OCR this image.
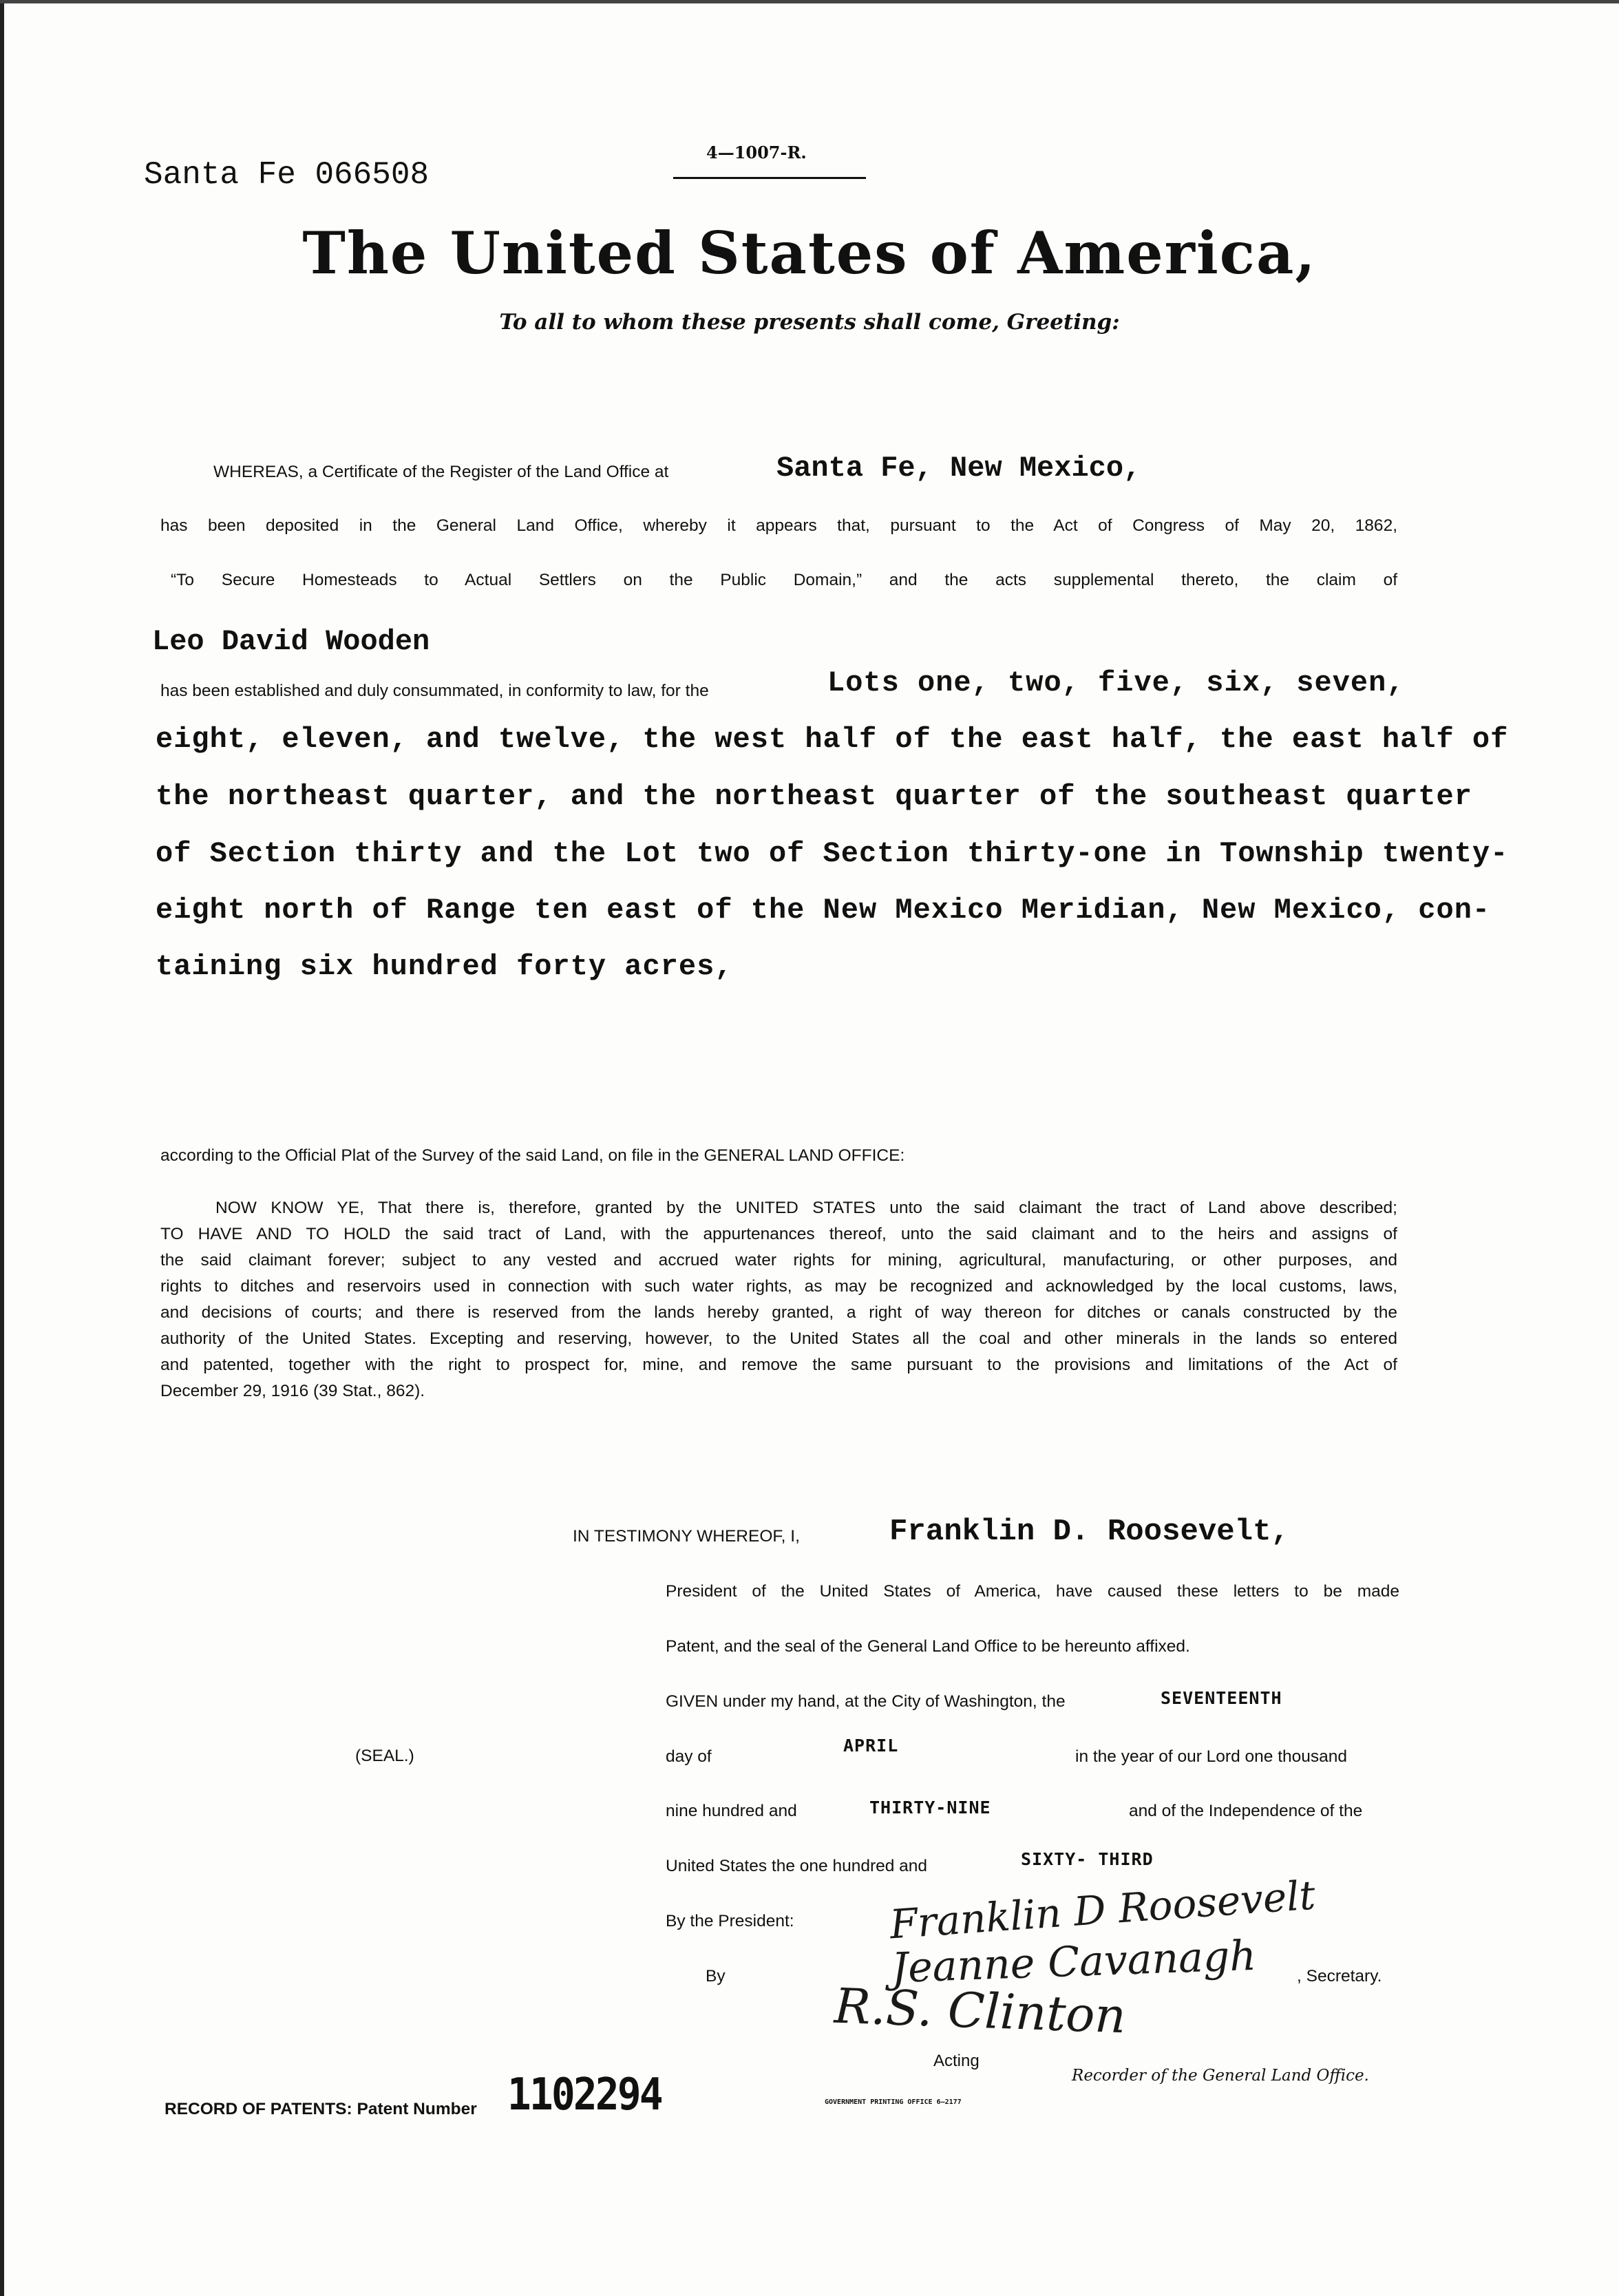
Santa Fe 066508
4—1007-R.
The United States of America,
To all to whom these presents shall come, Greeting:
WHEREAS, a Certificate of the Register of the Land Office at	Santa Fe, New Mexico,
has been deposited in the General Land Office, whereby it appears that, pursuant to the Act of Congress of May 20, 1862,
“To Secure Homesteads to Actual Settlers on the Public Domain,” and the acts supplemental thereto, the claim of
Leo David Wooden
has been established and duly consummated, in conformity to law, for the	Lots one, two, five, six, seven,
eight, eleven, and twelve, the west half of the east half, the east half of
the northeast quarter, and the northeast quarter of the southeast quarter
of Section thirty and the Lot two of Section thirty-one in Township twenty-
eight north of Range ten east of the New Mexico Meridian, New Mexico, con-
taining six hundred forty acres,
according to the Official Plat of the Survey of the said Land, on file in the GENERAL LAND OFFICE:
NOW KNOW YE, That there is, therefore, granted by the UNITED STATES unto the said claimant the tract of Land above described;
TO HAVE AND TO HOLD the said tract of Land, with the appurtenances thereof, unto the said claimant and to the heirs and assigns of
the said claimant forever; subject to any vested and accrued water rights for mining, agricultural, manufacturing, or other purposes, and
rights to ditches and reservoirs used in connection with such water rights, as may be recognized and acknowledged by the local customs, laws,
and decisions of courts; and there is reserved from the lands hereby granted, a right of way thereon for ditches or canals constructed by the
authority of the United States. Excepting and reserving, however, to the United States all the coal and other minerals in the lands so entered
and patented, together with the right to prospect for, mine, and remove the same pursuant to the provisions and limitations of the Act of
December 29, 1916 (39 Stat., 862).
IN TESTIMONY WHEREOF, I,	Franklin D. Roosevelt,
President of the United States of America, have caused these letters to be made
Patent, and the seal of the General Land Office to be hereunto affixed.
GIVEN under my hand, at the City of Washington, the	SEVENTEENTH
(SEAL.)	day of
APRIL
in the year of our Lord one thousand
nine hundred and	THIRTY-NINE	and of the Independence of the
United States the one hundred and	SIXTY- THIRD
By the President:
By	, Secretary.
Franklin D Roosevelt
Jeanne Cavanagh
R.S. Clinton
Acting
Recorder of the General Land Office.
RECORD OF PATENTS: Patent Number 1102294	GOVERNMENT PRINTING OFFICE 6—2177
